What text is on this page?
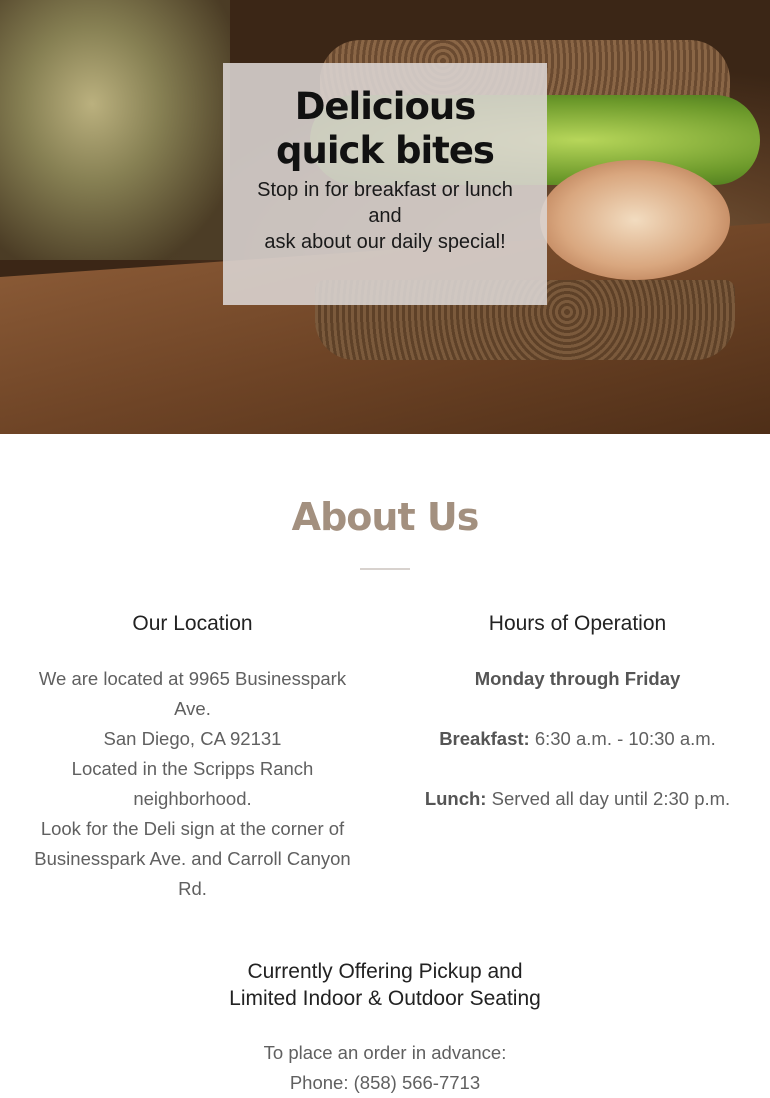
Delicious quick bites

Stop in for breakfast or lunch and
ask about our daily special!

About Us
Our Location
We are located at 9965 Businesspark Ave.
San Diego, CA 92131
Located in the Scripps Ranch neighborhood.
Look for the Deli sign at the corner of Businesspark Ave. and Carroll Canyon Rd.
Hours of Operation
Monday through Friday

Breakfast: 6:30 a.m. - 10:30 a.m.

Lunch: Served all day until 2:30 p.m.
Currently Offering Pickup and
Limited Indoor & Outdoor Seating
To place an order in advance:
Phone: (858) 566-7713
